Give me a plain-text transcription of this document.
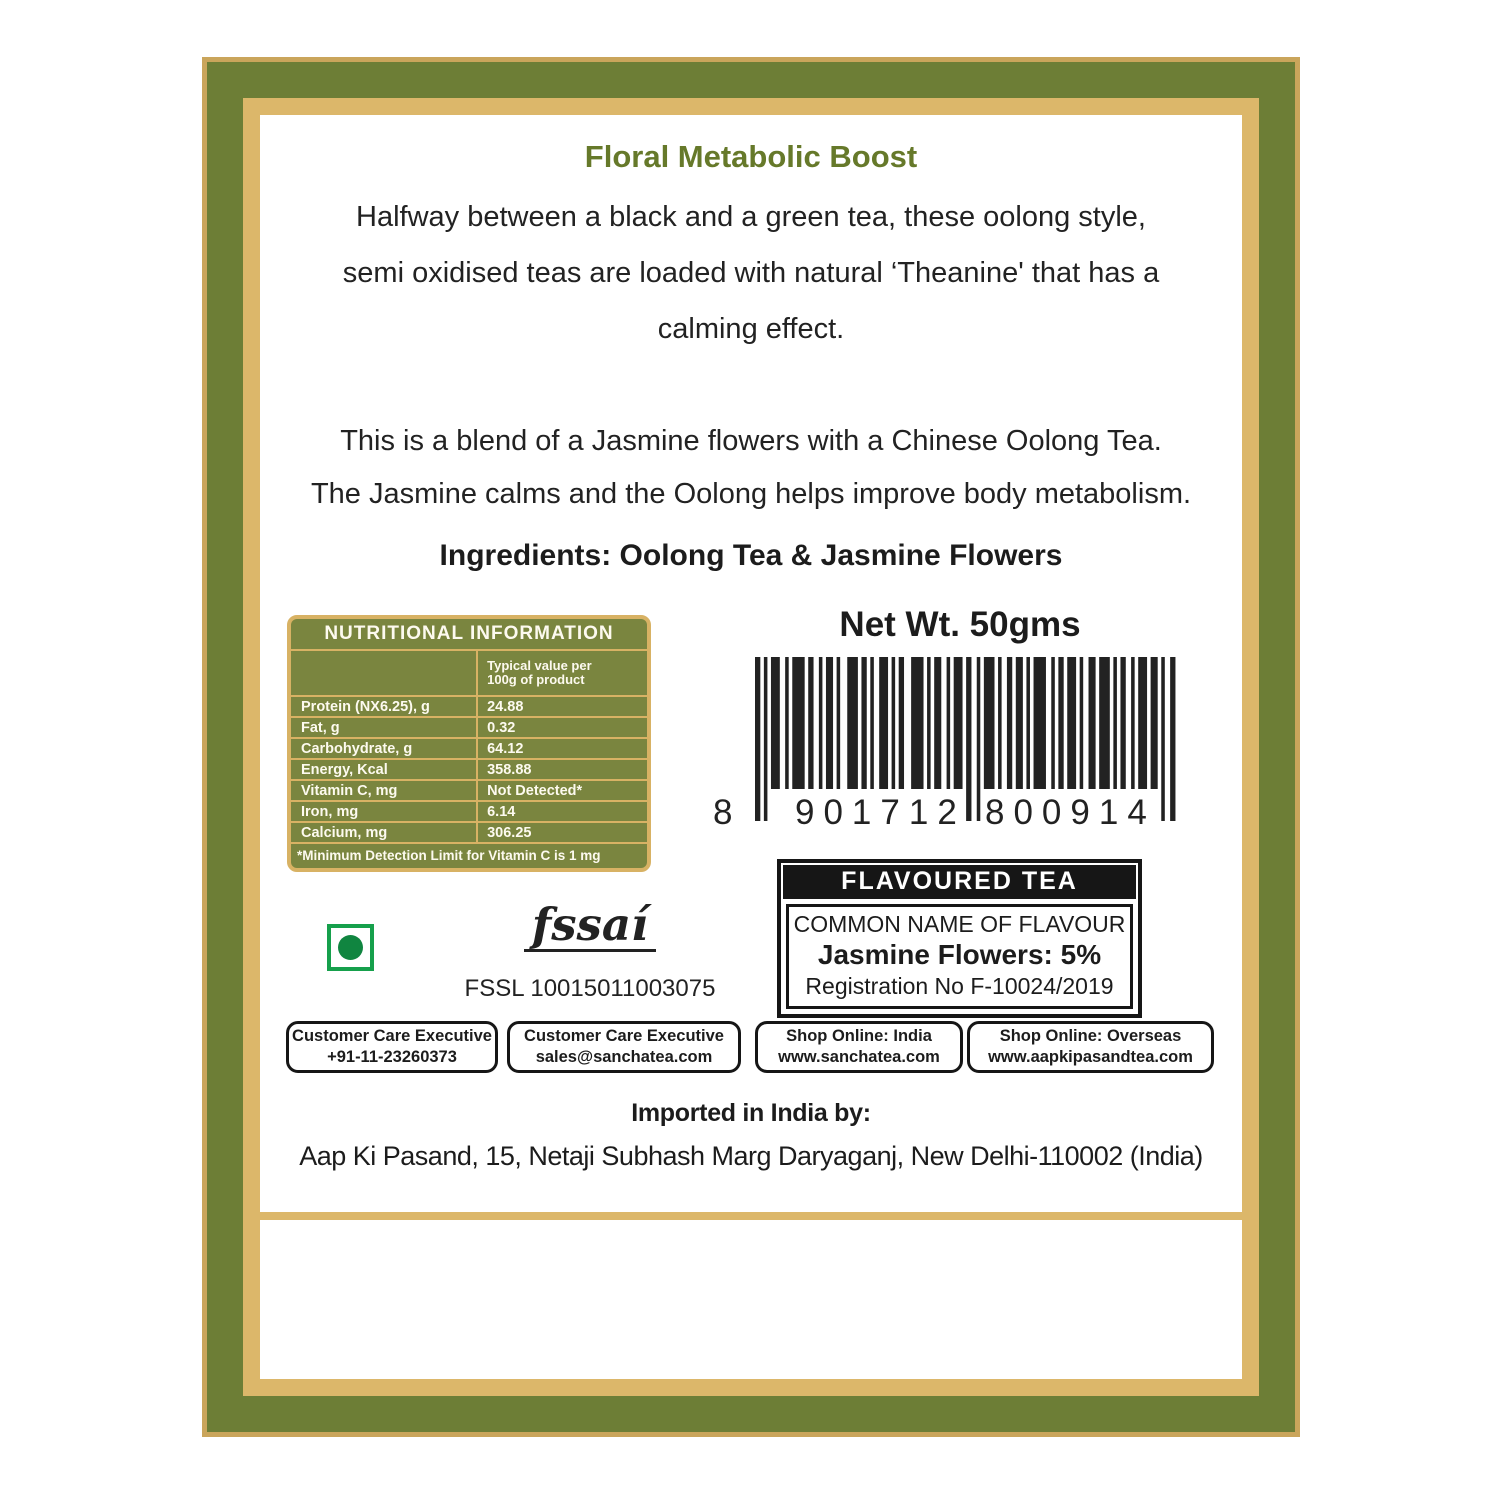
Floral Metabolic Boost
Halfway between a black and a green tea, these oolong style,
semi oxidised teas are loaded with natural ‘Theanine' that has a
calming effect.
This is a blend of a Jasmine flowers with a Chinese Oolong Tea.
The Jasmine calms and the Oolong helps improve body metabolism.
Ingredients: Oolong Tea & Jasmine Flowers
NUTRITIONAL INFORMATION
Typical value per
100g of product
Protein (NX6.25), g	24.88
Fat, g	0.32
Carbohydrate, g	64.12
Energy, Kcal	358.88
Vitamin C, mg	Not Detected*
Iron, mg	6.14
Calcium, mg	306.25
*Minimum Detection Limit for Vitamin C is 1 mg
Net Wt. 50gms
8 901712 800914
FLAVOURED TEA
COMMON NAME OF FLAVOUR
Jasmine Flowers: 5%
Registration No F-10024/2019
fssaí
FSSL 10015011003075
Customer Care Executive
+91-11-23260373
Customer Care Executive
sales@sanchatea.com
Shop Online: India
www.sanchatea.com
Shop Online: Overseas
www.aapkipasandtea.com
Imported in India by:
Aap Ki Pasand, 15, Netaji Subhash Marg Daryaganj, New Delhi-110002 (India)
